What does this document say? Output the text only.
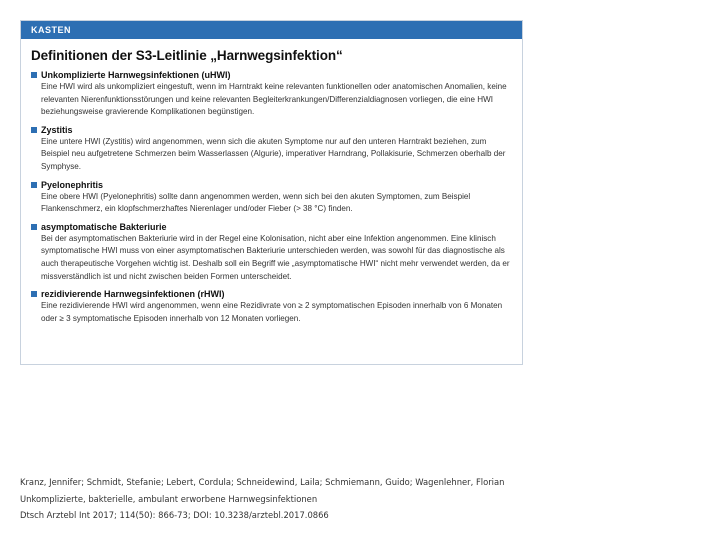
KASTEN
Definitionen der S3-Leitlinie „Harnwegsinfektion“
Unkomplizierte Harnwegsinfektionen (uHWI)
Eine HWI wird als unkompliziert eingestuft, wenn im Harntrakt keine relevanten funktionellen oder anatomischen Anomalien, keine relevanten Nierenfunktionsstörungen und keine relevanten Begleiterkrankungen/Differenzialdiagnosen vorliegen, die eine HWI beziehungsweise gravierende Komplikationen begünstigen.
Zystitis
Eine untere HWI (Zystitis) wird angenommen, wenn sich die akuten Symptome nur auf den unteren Harntrakt beziehen, zum Beispiel neu aufgetretene Schmerzen beim Wasserlassen (Algurie), imperativer Harndrang, Pollakisurie, Schmerzen oberhalb der Symphyse.
Pyelonephritis
Eine obere HWI (Pyelonephritis) sollte dann angenommen werden, wenn sich bei den akuten Symptomen, zum Beispiel Flankenschmerz, ein klopfschmerzhaftes Nierenlager und/oder Fieber (> 38 °C) finden.
asymptomatische Bakteriurie
Bei der asymptomatischen Bakteriurie wird in der Regel eine Kolonisation, nicht aber eine Infektion angenommen. Eine klinisch symptomatische HWI muss von einer asymptomatischen Bakteriurie unterschieden werden, was sowohl für das diagnostische als auch therapeutische Vorgehen wichtig ist. Deshalb soll ein Begriff wie „asymptomatische HWI“ nicht mehr verwendet werden, da er missverständlich ist und nicht zwischen beiden Formen unterscheidet.
rezidivierende Harnwegsinfektionen (rHWI)
Eine rezidivierende HWI wird angenommen, wenn eine Rezidivrate von ≥ 2 symptomatischen Episoden innerhalb von 6 Monaten oder ≥ 3 symptomatische Episoden innerhalb von 12 Monaten vorliegen.
Kranz, Jennifer; Schmidt, Stefanie; Lebert, Cordula; Schneidewind, Laila; Schmiemann, Guido; Wagenlehner, Florian
Unkomplizierte, bakterielle, ambulant erworbene Harnwegsinfektionen
Dtsch Arztebl Int 2017; 114(50): 866-73; DOI: 10.3238/arztebl.2017.0866
